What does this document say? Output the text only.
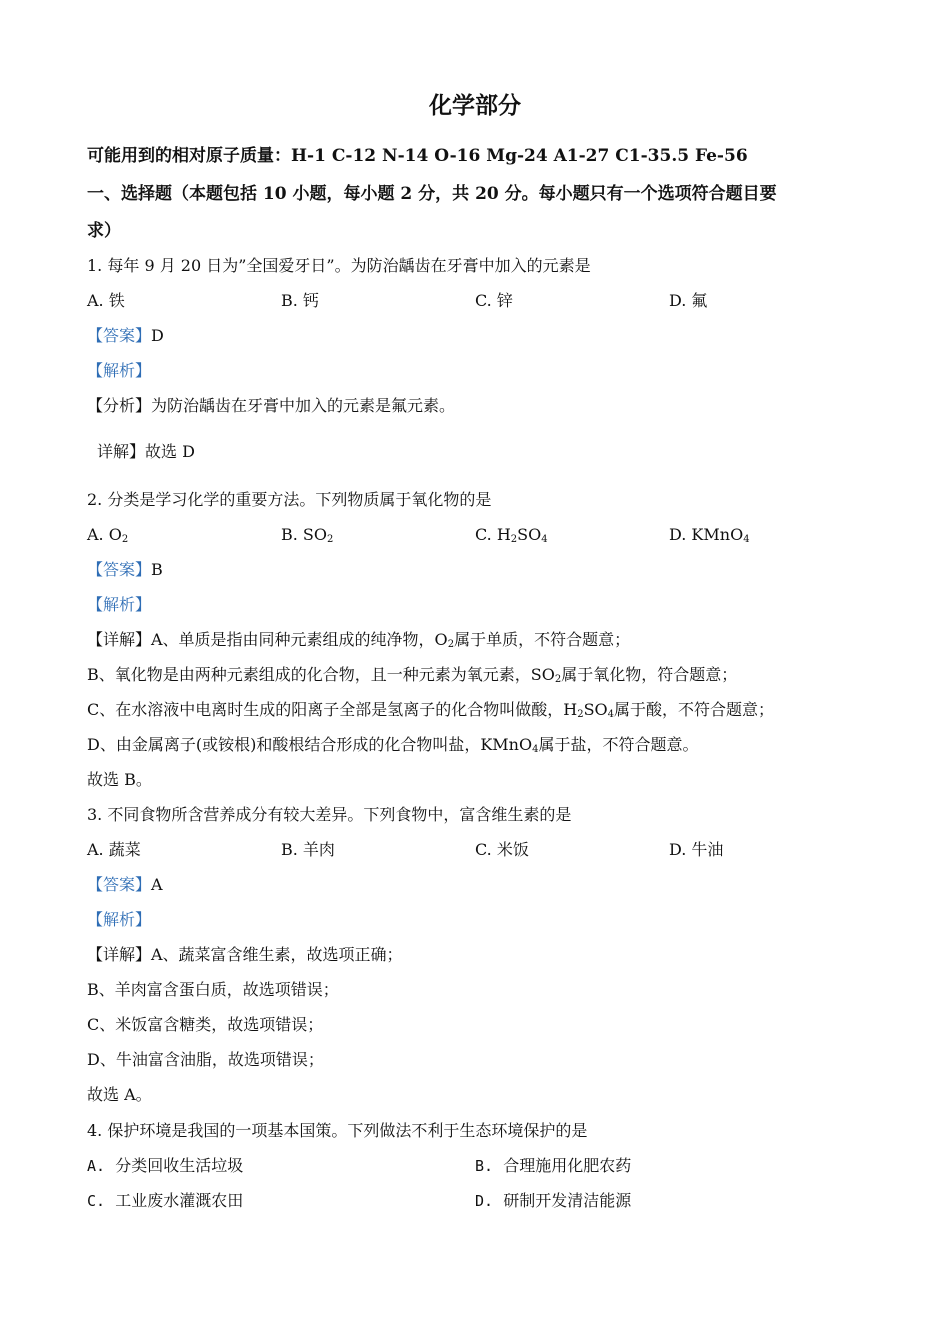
化学部分
可能用到的相对原子质量：H-1 C-12 N-14 O-16 Mg-24 A1-27 C1-35.5 Fe-56
一、选择题（本题包括 10 小题，每小题 2 分，共 20 分。每小题只有一个选项符合题目要
求）
1. 每年 9 月 20 日为”全国爱牙日”。为防治龋齿在牙膏中加入的元素是
A. 铁	B. 钙	C. 锌	D. 氟
【答案】D
【解析】
【分析】为防治龋齿在牙膏中加入的元素是氟元素。
详解】故选 D
2. 分类是学习化学的重要方法。下列物质属于氧化物的是
A. $O_2$	B. $SO_2$	C. $H_2SO_4$	D. KMnO$_4$
【答案】B
【解析】
【详解】A、单质是指由同种元素组成的纯净物，$O_2$属于单质，不符合题意；
B、氧化物是由两种元素组成的化合物，且一种元素为氧元素，$SO_2$属于氧化物，符合题意；
C、在水溶液中电离时生成的阳离子全部是氢离子的化合物叫做酸，$H_2SO_4$属于酸，不符合题意；
D、由金属离子(或铵根)和酸根结合形成的化合物叫盐，KMnO$_4$属于盐，不符合题意。
故选 B。
3. 不同食物所含营养成分有较大差异。下列食物中，富含维生素的是
A. 蔬菜	B. 羊肉	C. 米饭	D. 牛油
【答案】A
【解析】
【详解】A、蔬菜富含维生素，故选项正确；
B、羊肉富含蛋白质，故选项错误；
C、米饭富含糖类，故选项错误；
D、牛油富含油脂，故选项错误；
故选 A。
4. 保护环境是我国的一项基本国策。下列做法不利于生态环境保护的是
A. 分类回收生活垃圾	B. 合理施用化肥农药
C. 工业废水灌溉农田	D. 研制开发清洁能源
